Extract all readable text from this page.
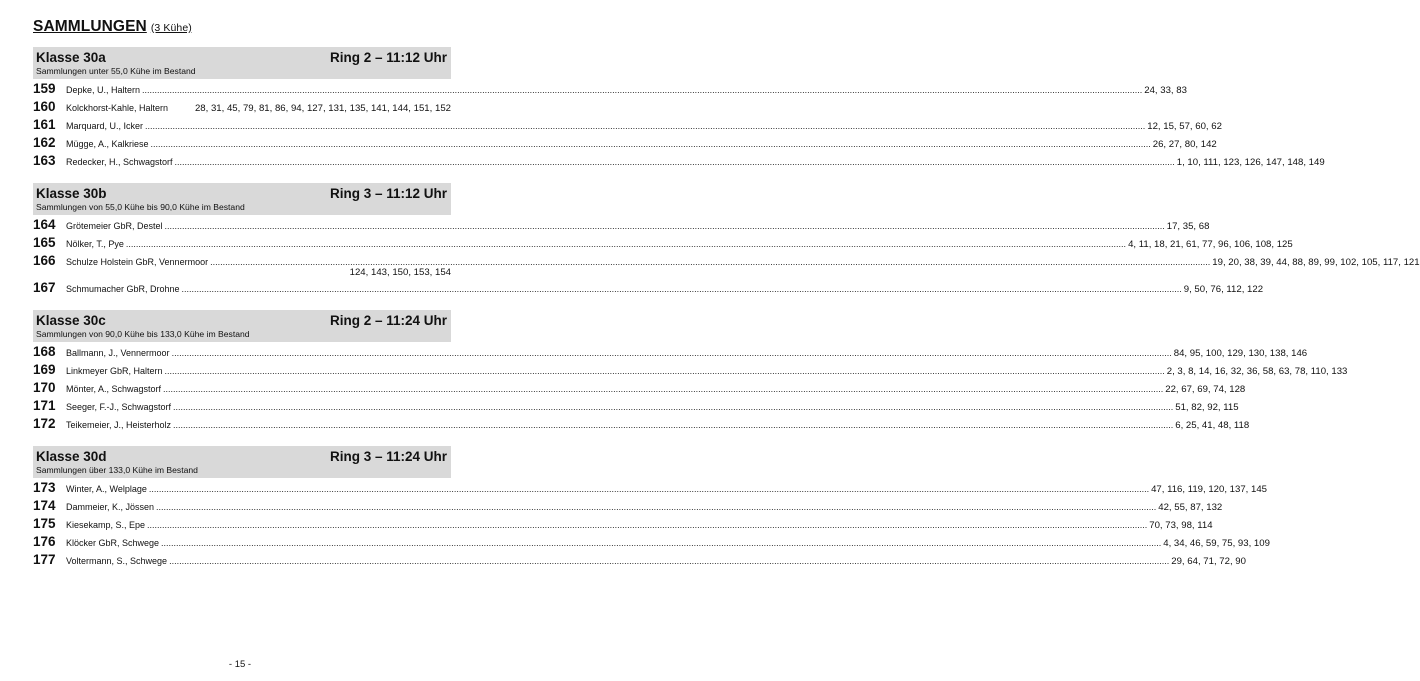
SAMMLUNGEN (3 Kühe)
Klasse 30a	Ring 2 – 11:12 Uhr
Sammlungen unter 55,0 Kühe im Bestand
159	Depke, U., Haltern ................................................................................................................................................................................................................................................................................................................................................................................................................ 24, 33, 83
160	Kolckhorst-Kahle, Haltern	28, 31, 45, 79, 81, 86, 94, 127, 131, 135, 141, 144, 151, 152
161	Marquard, U., Icker ................................................................................................................................................................................................................................................................................................................................................................................................................ 12, 15, 57, 60, 62
162	Mügge, A., Kalkriese ................................................................................................................................................................................................................................................................................................................................................................................................................ 26, 27, 80, 142
163	Redecker, H., Schwagstorf ................................................................................................................................................................................................................................................................................................................................................................................................................ 1, 10, 111, 123, 126, 147, 148, 149
Klasse 30b	Ring 3 – 11:12 Uhr
Sammlungen von 55,0 Kühe bis 90,0 Kühe im Bestand
164	Grötemeier GbR, Destel ................................................................................................................................................................................................................................................................................................................................................................................................................ 17, 35, 68
165	Nölker, T., Pye ................................................................................................................................................................................................................................................................................................................................................................................................................ 4, 11, 18, 21, 61, 77, 96, 106, 108, 125
166	Schulze Holstein GbR, Vennermoor ................................................................................................................................................................................................................................................................................................................................................................................................................ 19, 20, 38, 39, 44, 88, 89, 99, 102, 105, 117, 121
124, 143, 150, 153, 154
167	Schmumacher GbR, Drohne ................................................................................................................................................................................................................................................................................................................................................................................................................ 9, 50, 76, 112, 122
Klasse 30c	Ring 2 – 11:24 Uhr
Sammlungen von 90,0 Kühe bis 133,0 Kühe im Bestand
168	Ballmann, J., Vennermoor ................................................................................................................................................................................................................................................................................................................................................................................................................ 84, 95, 100, 129, 130, 138, 146
169	Linkmeyer GbR, Haltern ................................................................................................................................................................................................................................................................................................................................................................................................................ 2, 3, 8, 14, 16, 32, 36, 58, 63, 78, 110, 133
170	Mönter, A., Schwagstorf ................................................................................................................................................................................................................................................................................................................................................................................................................ 22, 67, 69, 74, 128
171	Seeger, F.-J., Schwagstorf ................................................................................................................................................................................................................................................................................................................................................................................................................ 51, 82, 92, 115
172	Teikemeier, J., Heisterholz ................................................................................................................................................................................................................................................................................................................................................................................................................ 6, 25, 41, 48, 118
Klasse 30d	Ring 3 – 11:24 Uhr
Sammlungen über 133,0 Kühe im Bestand
173	Winter, A., Welplage ................................................................................................................................................................................................................................................................................................................................................................................................................ 47, 116, 119, 120, 137, 145
174	Dammeier, K., Jössen ................................................................................................................................................................................................................................................................................................................................................................................................................ 42, 55, 87, 132
175	Kiesekamp, S., Epe ................................................................................................................................................................................................................................................................................................................................................................................................................ 70, 73, 98, 114
176	Klöcker GbR, Schwege ................................................................................................................................................................................................................................................................................................................................................................................................................ 4, 34, 46, 59, 75, 93, 109
177	Voltermann, S., Schwege ................................................................................................................................................................................................................................................................................................................................................................................................................ 29, 64, 71, 72, 90
- 15 -
